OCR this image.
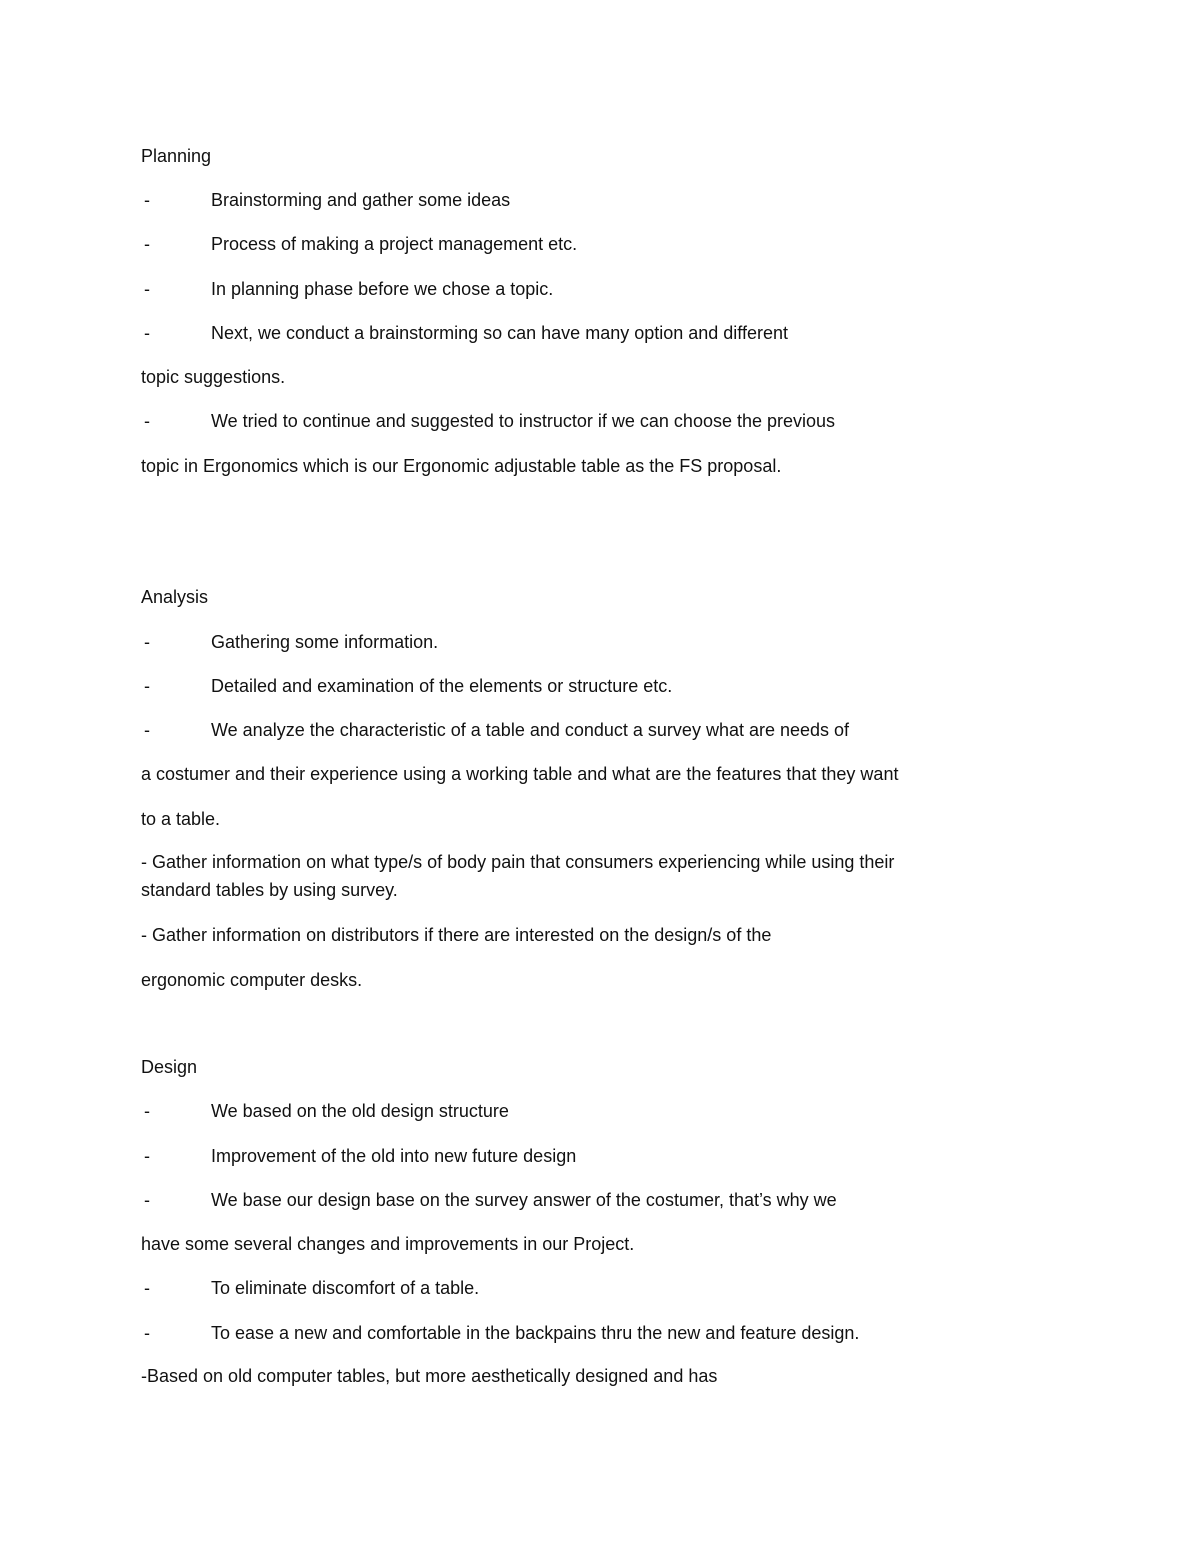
Planning
-	Brainstorming and gather some ideas
-	Process of making a project management etc.
-	In planning phase before we chose a topic.
-	Next, we conduct a brainstorming so can have many option and different
topic suggestions.
-	We tried to continue and suggested to instructor if we can choose the previous
topic in Ergonomics which is our Ergonomic adjustable table as the FS proposal.
Analysis
-	Gathering some information.
-	Detailed and examination of the elements or structure etc.
-	We analyze the characteristic of a table and conduct a survey what are needs of
a costumer and their experience using a working table and what are the features that they want
to a table.
- Gather information on what type/s of body pain that consumers experiencing while using their
standard tables by using survey.
- Gather information on distributors if there are interested on the design/s of the
ergonomic computer desks.
Design
-	We based on the old design structure
-	Improvement of the old into new future design
-	We base our design base on the survey answer of the costumer, that’s why we
have some several changes and improvements in our Project.
-	To eliminate discomfort of a table.
-	To ease a new and comfortable in the backpains thru the new and feature design.
-Based on old computer tables, but more aesthetically designed and has
